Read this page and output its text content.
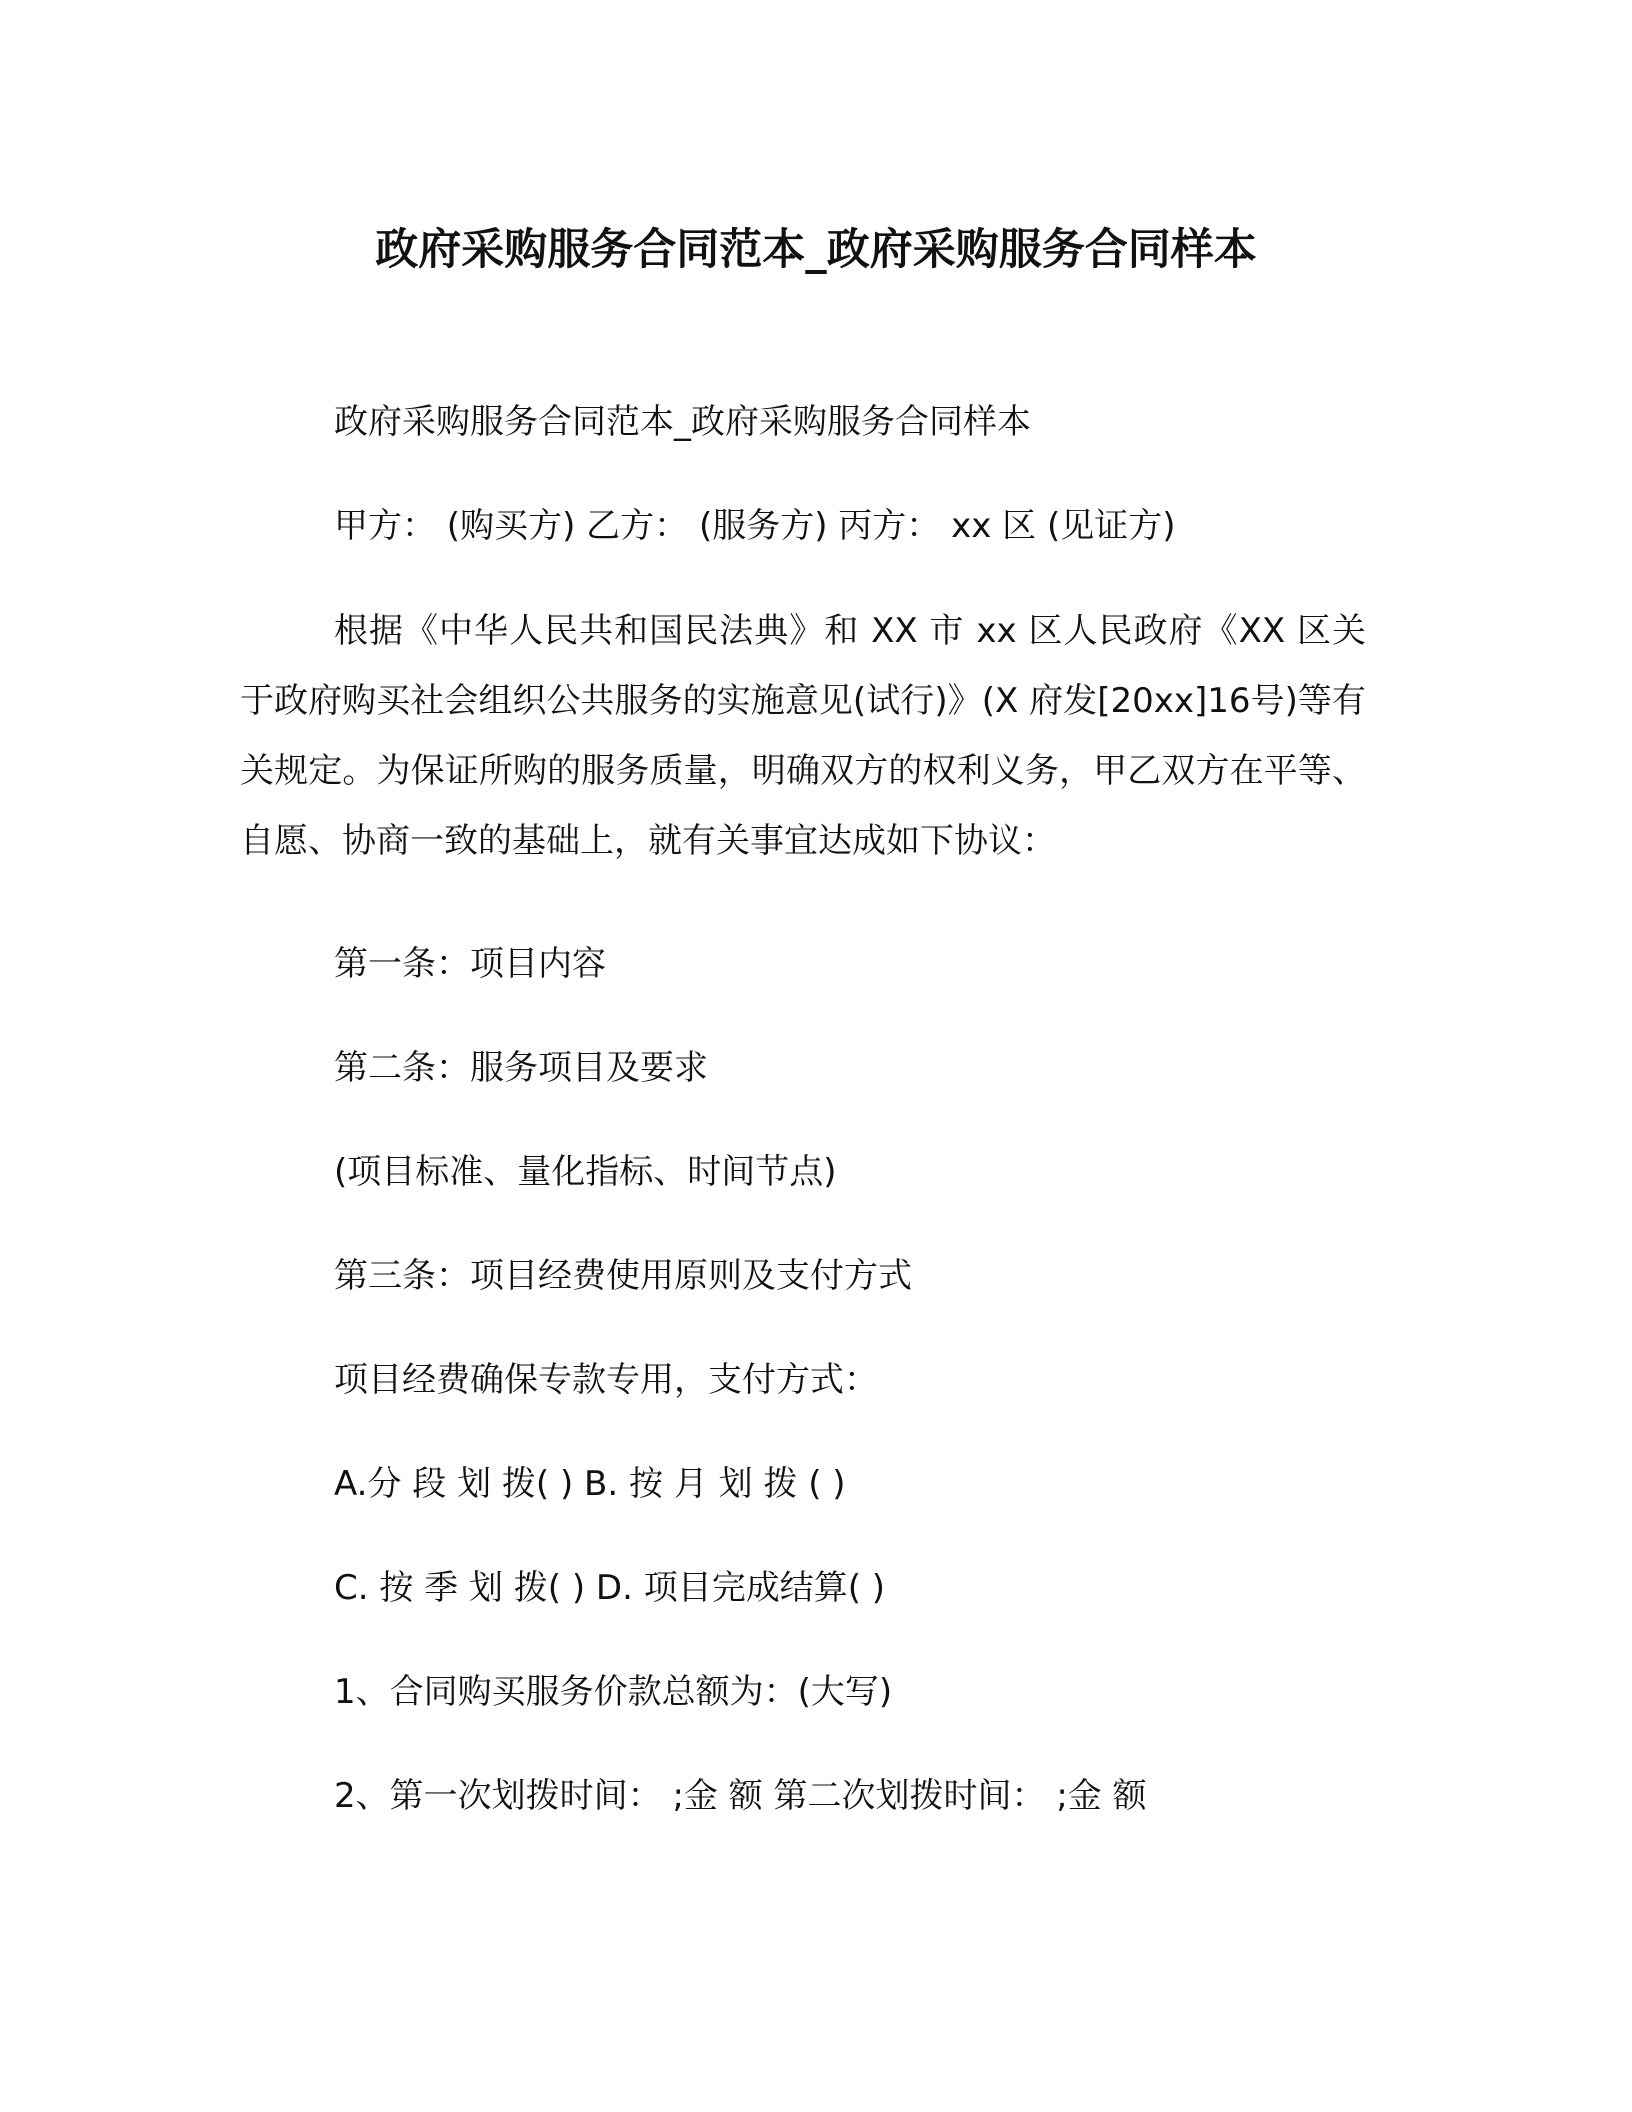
政府采购服务合同范本_政府采购服务合同样本
政府采购服务合同范本_政府采购服务合同样本
甲方： (购买方) 乙方： (服务方) 丙方： xx 区 (见证方)
根据《中华人民共和国民法典》和 XX 市 xx 区人民政府《XX 区关于政府购买社会组织公共服务的实施意见(试行)》(X 府发[20xx]16号)等有关规定。为保证所购的服务质量，明确双方的权利义务，甲乙双方在平等、自愿、协商一致的基础上，就有关事宜达成如下协议：
第一条：项目内容
第二条：服务项目及要求
(项目标准、量化指标、时间节点)
第三条：项目经费使用原则及支付方式
项目经费确保专款专用，支付方式：
A.分 段 划 拨( ) B. 按 月 划 拨 ( )
C. 按 季 划 拨( ) D. 项目完成结算( )
1、合同购买服务价款总额为：(大写)
2、第一次划拨时间： ;金 额 第二次划拨时间： ;金 额
